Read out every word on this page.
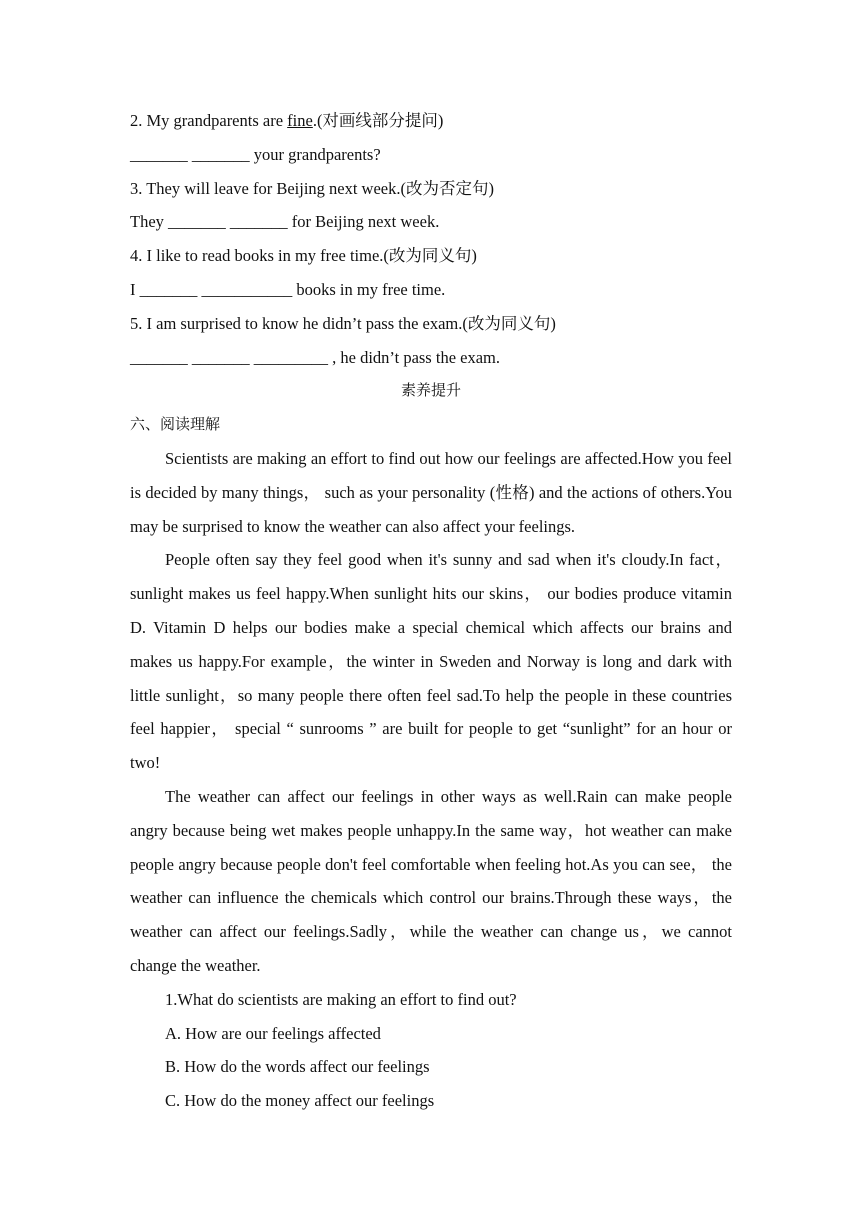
2. My grandparents are fine.(对画线部分提问)
_______ _______ your grandparents?
3. They will leave for Beijing next week.(改为否定句)
They _______ _______ for Beijing next week.
4. I like to read books in my free time.(改为同义句)
I _______ ___________ books in my free time.
5. I am surprised to know he didn’t pass the exam.(改为同义句)
_______ _______ _________ , he didn’t pass the exam.
素养提升
六、阅读理解

Scientists are making an effort to find out how our feelings are affected.How you feel is decided by many things， such as your personality (性格) and the actions of others.You may be surprised to know the weather can also affect your feelings.

People often say they feel good when it's sunny and sad when it's cloudy.In fact，sunlight makes us feel happy.When sunlight hits our skins， our bodies produce vitamin D. Vitamin D helps our bodies make a special chemical which affects our brains and makes us happy.For example，the winter in Sweden and Norway is long and dark with little sunlight，so many people there often feel sad.To help the people in these countries feel happier， special “ sunrooms ” are built for people to get “sunlight” for an hour or two!

The weather can affect our feelings in other ways as well.Rain can make people angry because being wet makes people unhappy.In the same way，hot weather can make people angry because people don't feel comfortable when feeling hot.As you can see， the weather can influence the chemicals which control our brains.Through these ways，the weather can affect our feelings.Sadly，while the weather can change us，we cannot change the weather.

1.What do scientists are making an effort to find out?
A. How are our feelings affected
B. How do the words affect our feelings
C. How do the money affect our feelings
